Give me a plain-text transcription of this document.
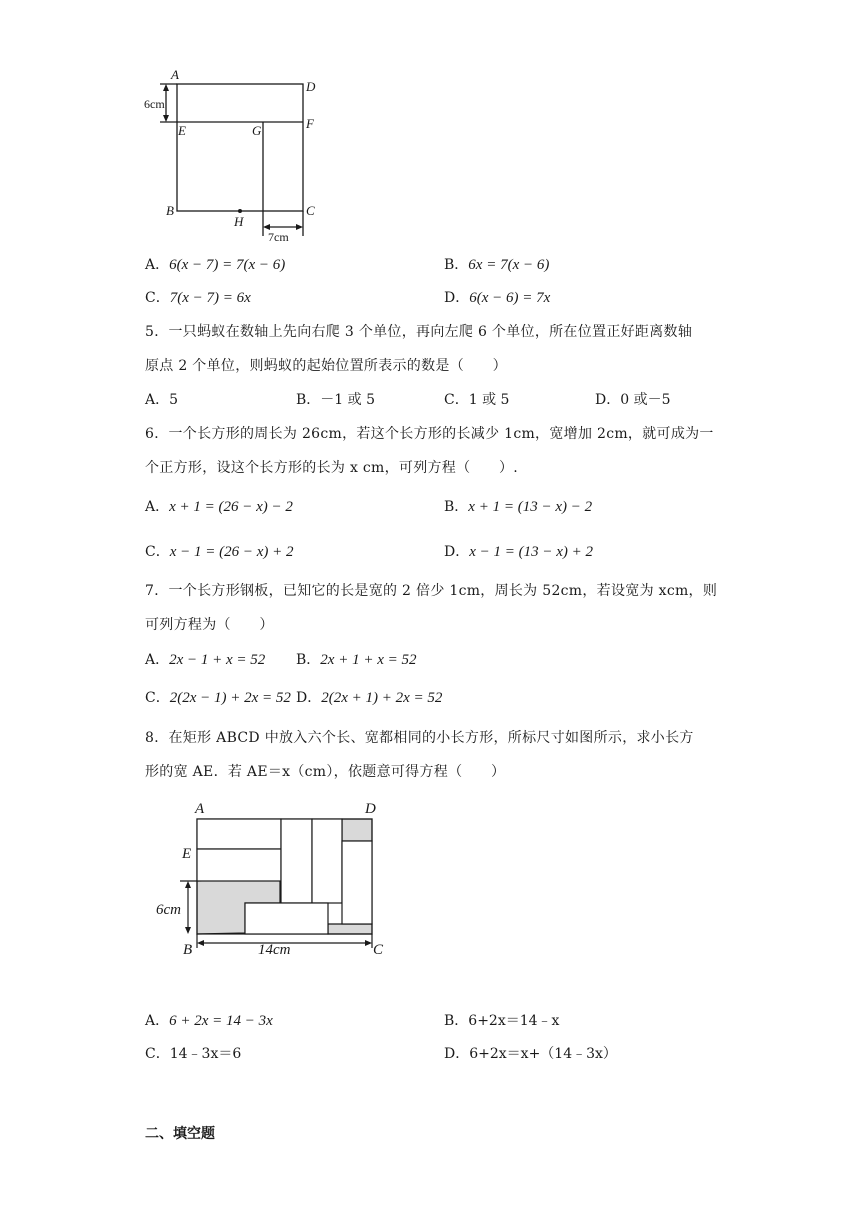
A
D
E	G	F
B
H
C
6cm
7cm
A．6(x − 7) = 7(x − 6)	B．6x = 7(x − 6)
C．7(x − 7) = 6x	D．6(x − 6) = 7x
5．一只蚂蚁在数轴上先向右爬 3 个单位，再向左爬 6 个单位，所在位置正好距离数轴
原点 2 个单位，则蚂蚁的起始位置所表示的数是（　　）
A．5	B．－1 或 5	C．1 或 5	D．0 或－5
6．一个长方形的周长为 26cm，若这个长方形的长减少 1cm，宽增加 2cm，就可成为一
个正方形，设这个长方形的长为 x cm，可列方程（　　）.
A．x + 1 = (26 − x) − 2	B．x + 1 = (13 − x) − 2
C．x − 1 = (26 − x) + 2	D．x − 1 = (13 − x) + 2
7．一个长方形钢板，已知它的长是宽的 2 倍少 1cm，周长为 52cm，若设宽为 xcm，则
可列方程为（　　）
A．2x − 1 + x = 52 B．2x + 1 + x = 52
C．2(2x − 1) + 2x = 52 D．2(2x + 1) + 2x = 52
8．在矩形 ABCD 中放入六个长、宽都相同的小长方形，所标尺寸如图所示，求小长方
形的宽 AE．若 AE＝x（cm），依题意可得方程（　　）
A	D
E
B	C
6cm
14cm
A．6 + 2x = 14 − 3x	B．6+2x＝14﹣x
C．14﹣3x＝6	D．6+2x＝x+（14﹣3x）
二、填空题
